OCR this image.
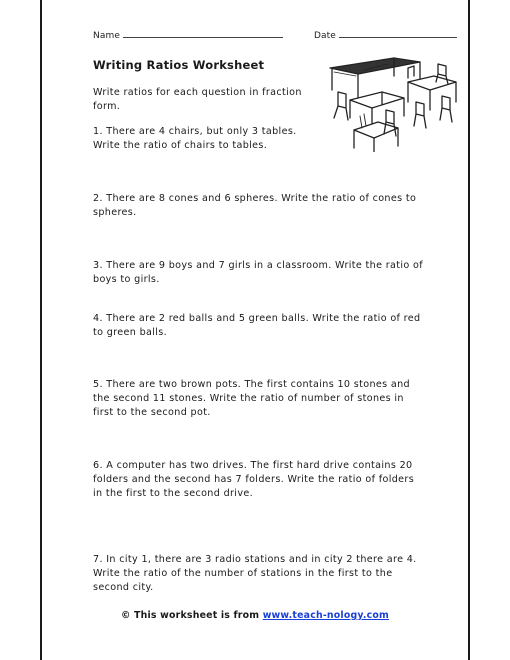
Name	Date
Writing Ratios Worksheet
Write ratios for each question in fraction form.
1. There are 4 chairs, but only 3 tables. Write the ratio of chairs to tables.
2. There are 8 cones and 6 spheres. Write the ratio of cones to spheres.
3. There are 9 boys and 7 girls in a classroom. Write the ratio of boys to girls.
4. There are 2 red balls and 5 green balls. Write the ratio of red to green balls.
5. There are two brown pots. The first contains 10 stones and the second 11 stones. Write the ratio of number of stones in first to the second pot.
6. A computer has two drives. The first hard drive contains 20 folders and the second has 7 folders. Write the ratio of folders in the first to the second drive.
7. In city 1, there are 3 radio stations and in city 2 there are 4. Write the ratio of the number of stations in the first to the second city.
© This worksheet is from www.teach-nology.com
